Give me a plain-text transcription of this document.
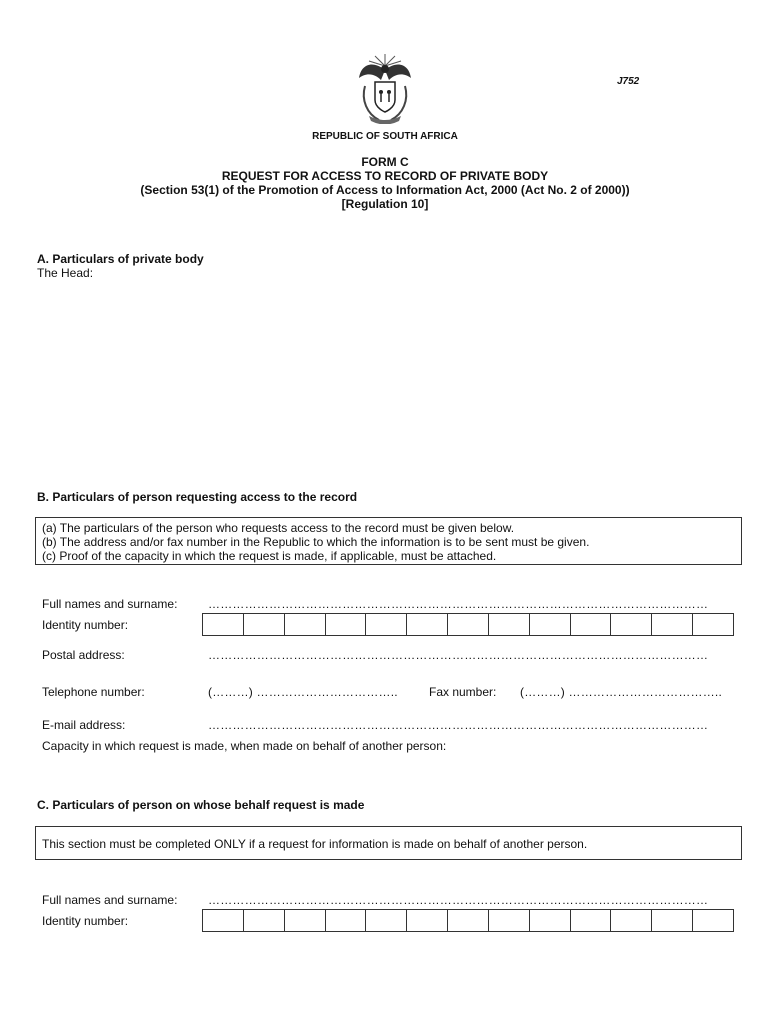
J752
REPUBLIC OF SOUTH AFRICA
FORM C
REQUEST FOR ACCESS TO RECORD OF PRIVATE BODY
(Section 53(1) of the Promotion of Access to Information Act, 2000 (Act No. 2 of 2000))
[Regulation 10]
A. Particulars of private body
The Head:
B. Particulars of person requesting access to the record
(a) The particulars of the person who requests access to the record must be given below.
(b) The address and/or fax number in the Republic to which the information is to be sent must be given.
(c) Proof of the capacity in which the request is made, if applicable, must be attached.
Full names and surname:	……………………………………………………………………………………………………………
Identity number:
Postal address:	……………………………………………………………………………………………………………
Telephone number:	(………) ……………………………..	Fax number: (………) ………………………………..
E-mail address:	……………………………………………………………………………………………………………
Capacity in which request is made, when made on behalf of another person:
C. Particulars of person on whose behalf request is made
This section must be completed ONLY if a request for information is made on behalf of another person.
Full names and surname:	……………………………………………………………………………………………………………
Identity number:
